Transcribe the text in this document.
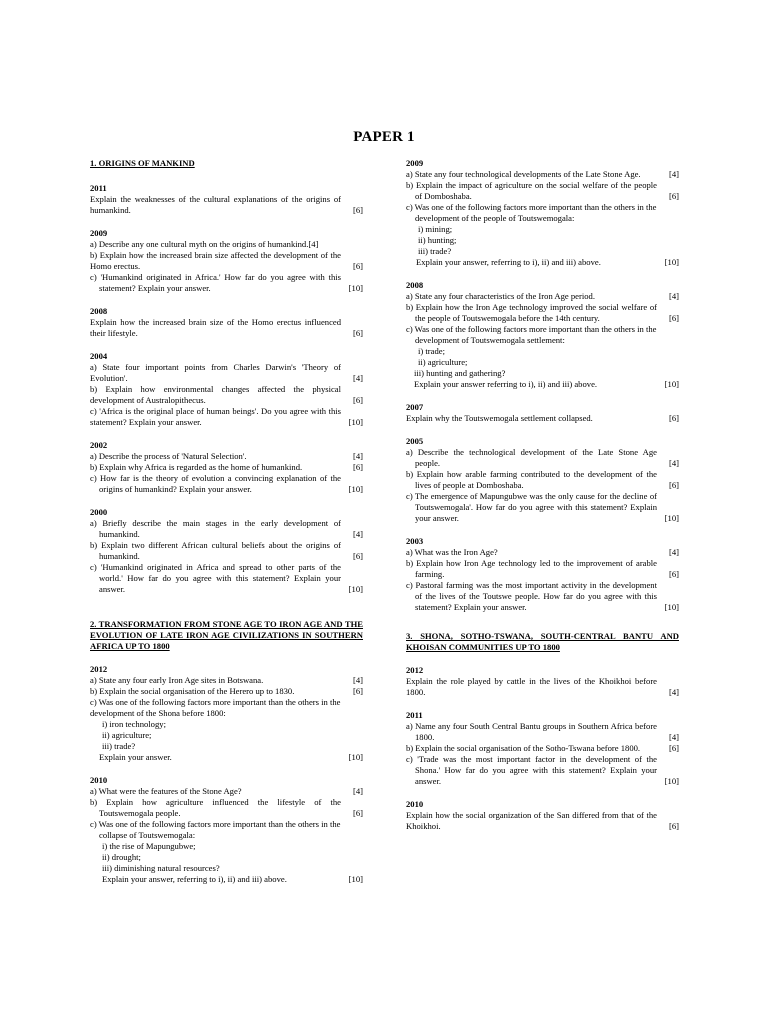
PAPER 1
1. ORIGINS OF MANKIND
2011
Explain the weaknesses of the cultural explanations of the origins of humankind.	[6]
2009
a) Describe any one cultural myth on the origins of humankind.[4]
b) Explain how the increased brain size affected the development of the Homo erectus.	[6]
c) 'Humankind originated in Africa.' How far do you agree with this statement? Explain your answer.	[10]
2008
Explain how the increased brain size of the Homo erectus influenced their lifestyle.	[6]
2004
a) State four important points from Charles Darwin's 'Theory of Evolution'.	[4]
b) Explain how environmental changes affected the physical development of Australopithecus.	[6]
c) 'Africa is the original place of human beings'. Do you agree with this statement? Explain your answer.	[10]
2002
a) Describe the process of 'Natural Selection'.	[4]
b) Explain why Africa is regarded as the home of humankind.	[6]
c) How far is the theory of evolution a convincing explanation of the origins of humankind? Explain your answer.	[10]
2000
a) Briefly describe the main stages in the early development of humankind.	[4]
b) Explain two different African cultural beliefs about the origins of humankind.	[6]
c) 'Humankind originated in Africa and spread to other parts of the world.' How far do you agree with this statement? Explain your answer.	[10]
2. TRANSFORMATION FROM STONE AGE TO IRON AGE AND THE EVOLUTION OF LATE IRON AGE CIVILIZATIONS IN SOUTHERN AFRICA UP TO 1800
2012
a) State any four early Iron Age sites in Botswana.	[4]
b) Explain the social organisation of the Herero up to 1830.	[6]
c) Was one of the following factors more important than the others in the development of the Shona before 1800:
i) iron technology;
ii) agriculture;
iii) trade?
Explain your answer.	[10]
2010
a) What were the features of the Stone Age?	[4]
b) Explain how agriculture influenced the lifestyle of the Toutswemogala people.	[6]
c) Was one of the following factors more important than the others in the collapse of Toutswemogala:
i) the rise of Mapungubwe;
ii) drought;
iii) diminishing natural resources?
Explain your answer, referring to i), ii) and iii) above.	[10]
2009
a) State any four technological developments of the Late Stone Age.	[4]
b) Explain the impact of agriculture on the social welfare of the people of Domboshaba.	[6]
c) Was one of the following factors more important than the others in the development of the people of Toutswemogala:
i) mining;
ii) hunting;
iii) trade?
Explain your answer, referring to i), ii) and iii) above.	[10]
2008
a) State any four characteristics of the Iron Age period.	[4]
b) Explain how the Iron Age technology improved the social welfare of the people of Toutswemogala before the 14th century.	[6]
c) Was one of the following factors more important than the others in the development of Toutswemogala settlement:
i) trade;
ii) agriculture;
iii) hunting and gathering?
Explain your answer referring to i), ii) and iii) above.	[10]
2007
Explain why the Toutswemogala settlement collapsed.	[6]
2005
a) Describe the technological development of the Late Stone Age people.	[4]
b) Explain how arable farming contributed to the development of the lives of people at Domboshaba.	[6]
c) The emergence of Mapungubwe was the only cause for the decline of Toutswemogala'. How far do you agree with this statement? Explain your answer.	[10]
2003
a) What was the Iron Age?	[4]
b) Explain how Iron Age technology led to the improvement of arable farming.	[6]
c) Pastoral farming was the most important activity in the development of the lives of the Toutswe people. How far do you agree with this statement? Explain your answer.	[10]
3. SHONA, SOTHO-TSWANA, SOUTH-CENTRAL BANTU AND KHOISAN COMMUNITIES UP TO 1800
2012
Explain the role played by cattle in the lives of the Khoikhoi before 1800.	[4]
2011
a) Name any four South Central Bantu groups in Southern Africa before 1800.	[4]
b) Explain the social organisation of the Sotho-Tswana before 1800.	[6]
c) 'Trade was the most important factor in the development of the Shona.' How far do you agree with this statement? Explain your answer.	[10]
2010
Explain how the social organization of the San differed from that of the Khoikhoi.	[6]
